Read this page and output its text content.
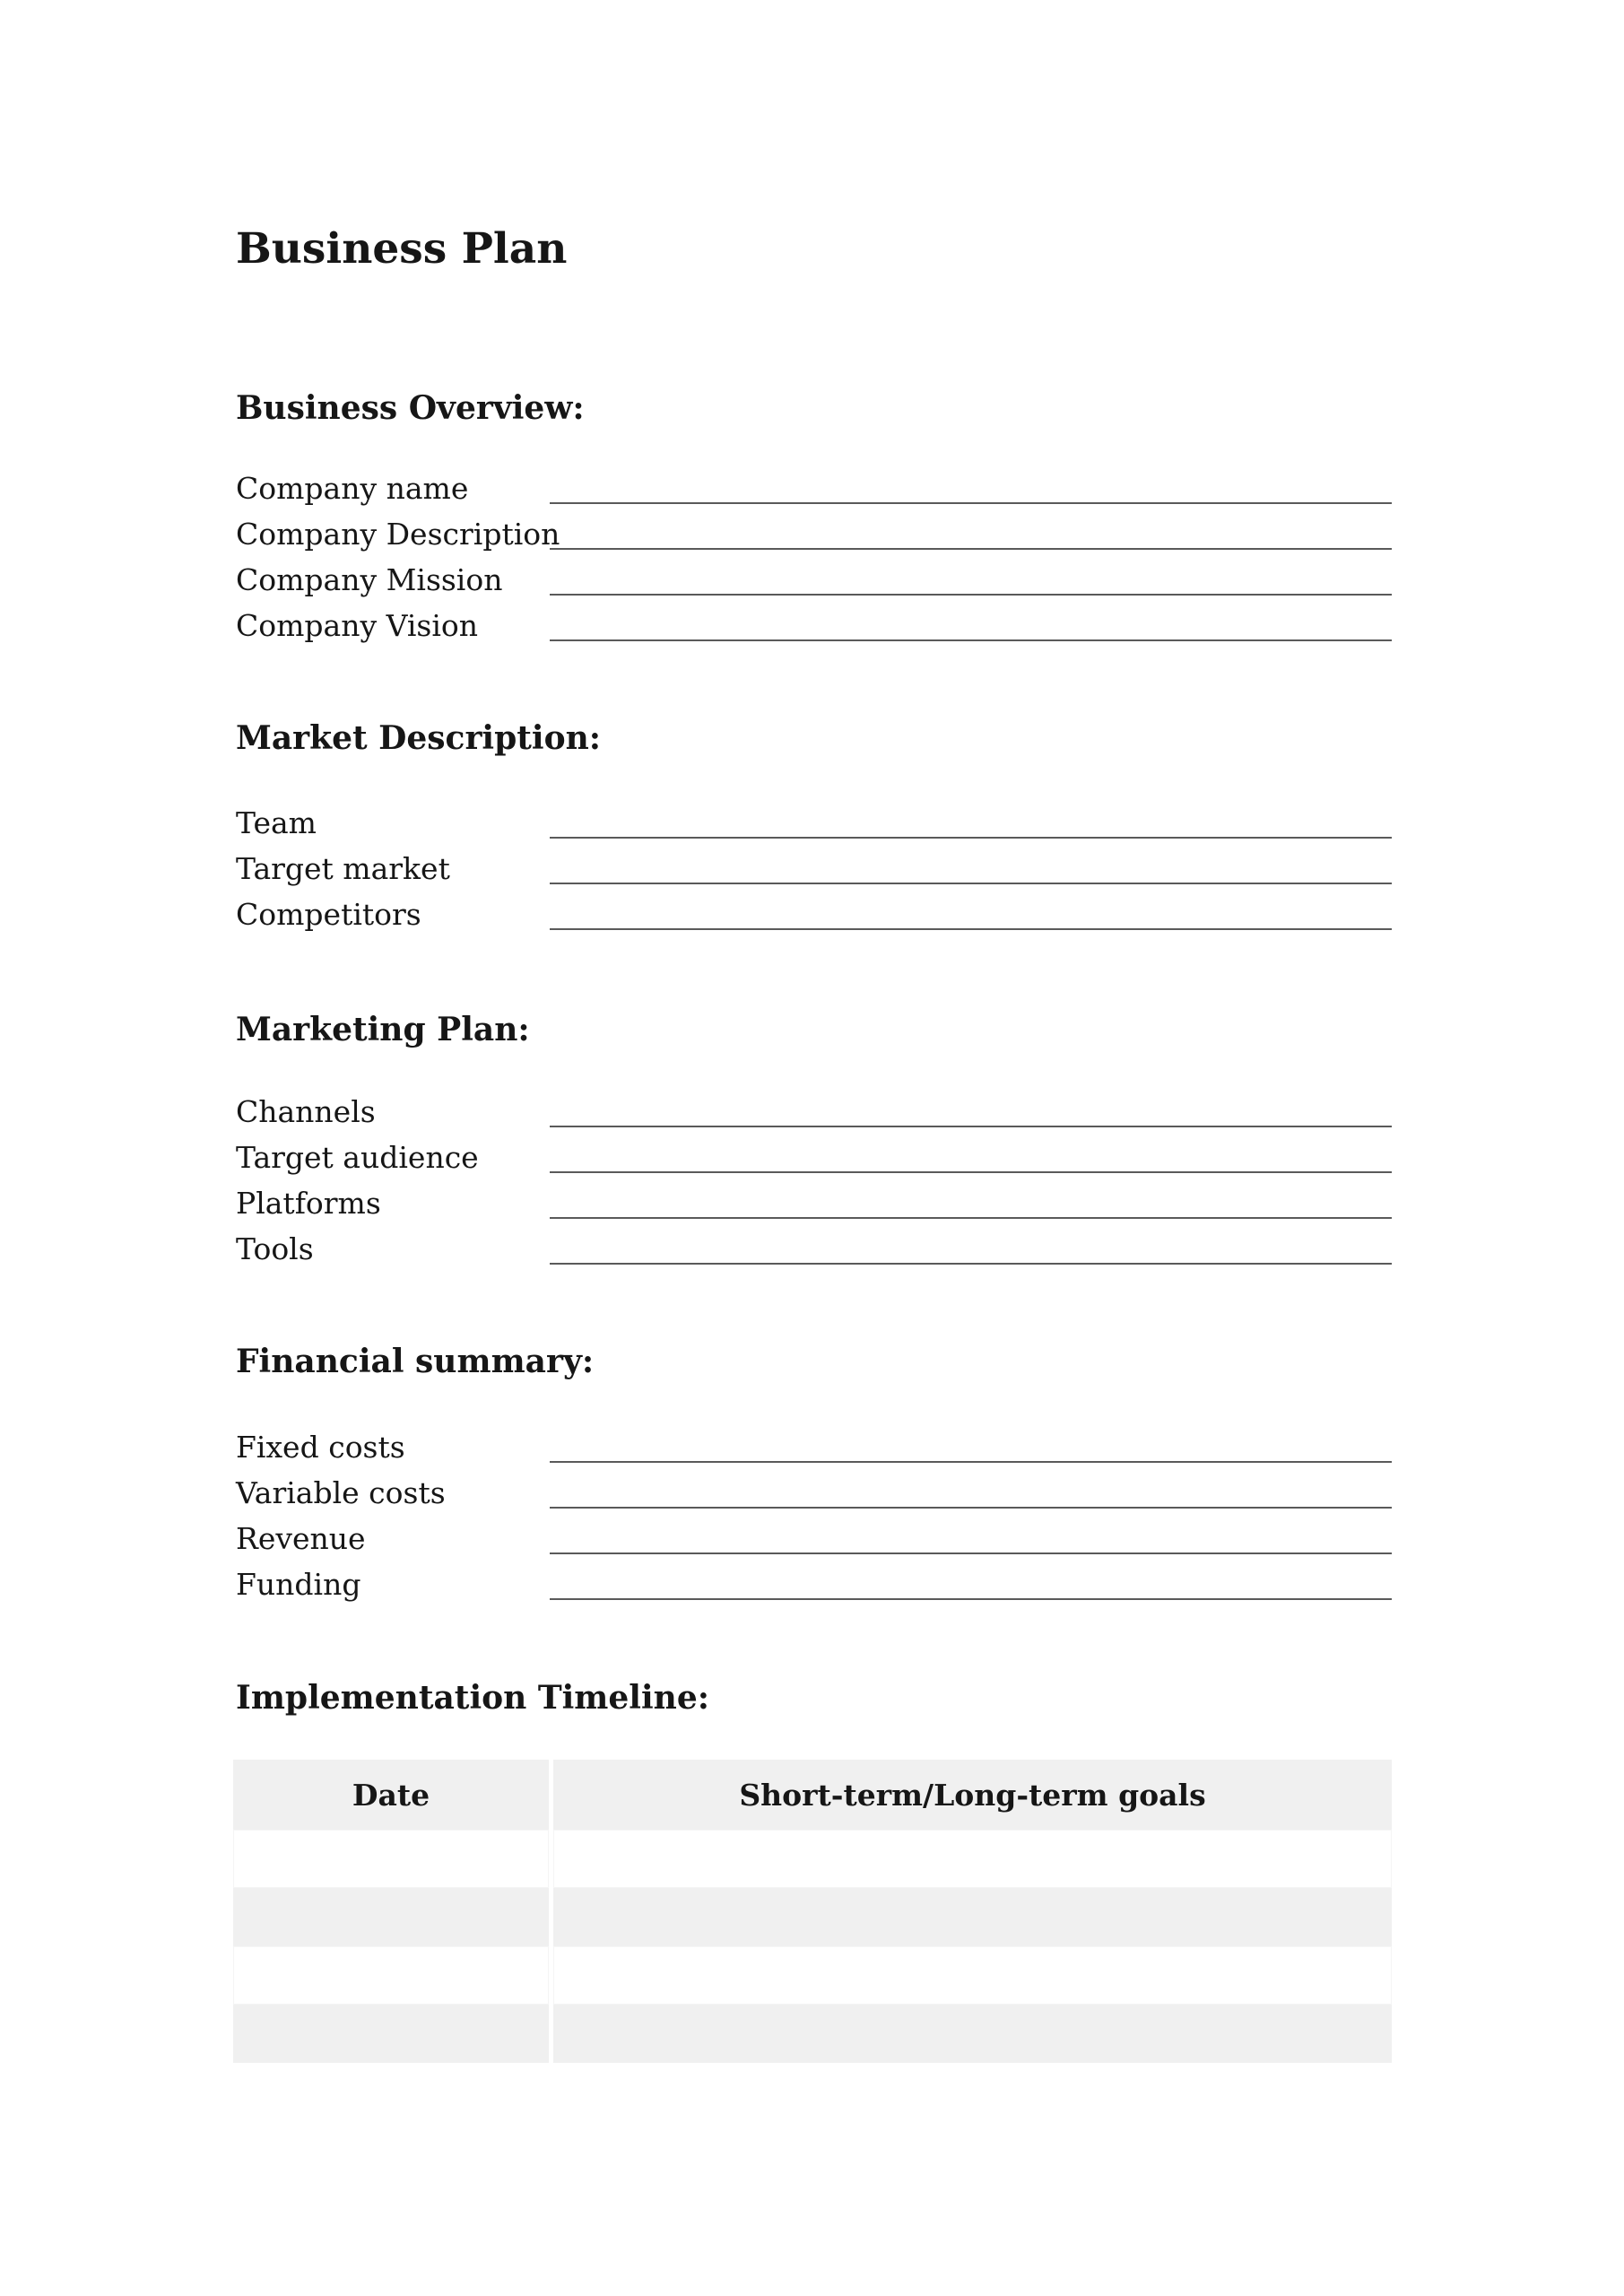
Business Plan
Business Overview:
Company name
Company Description
Company Mission
Company Vision
Market Description:
Team
Target market
Competitors
Marketing Plan:
Channels
Target audience
Platforms
Tools
Financial summary:
Fixed costs
Variable costs
Revenue
Funding
Implementation Timeline:
Date	Short-term/Long-term goals
